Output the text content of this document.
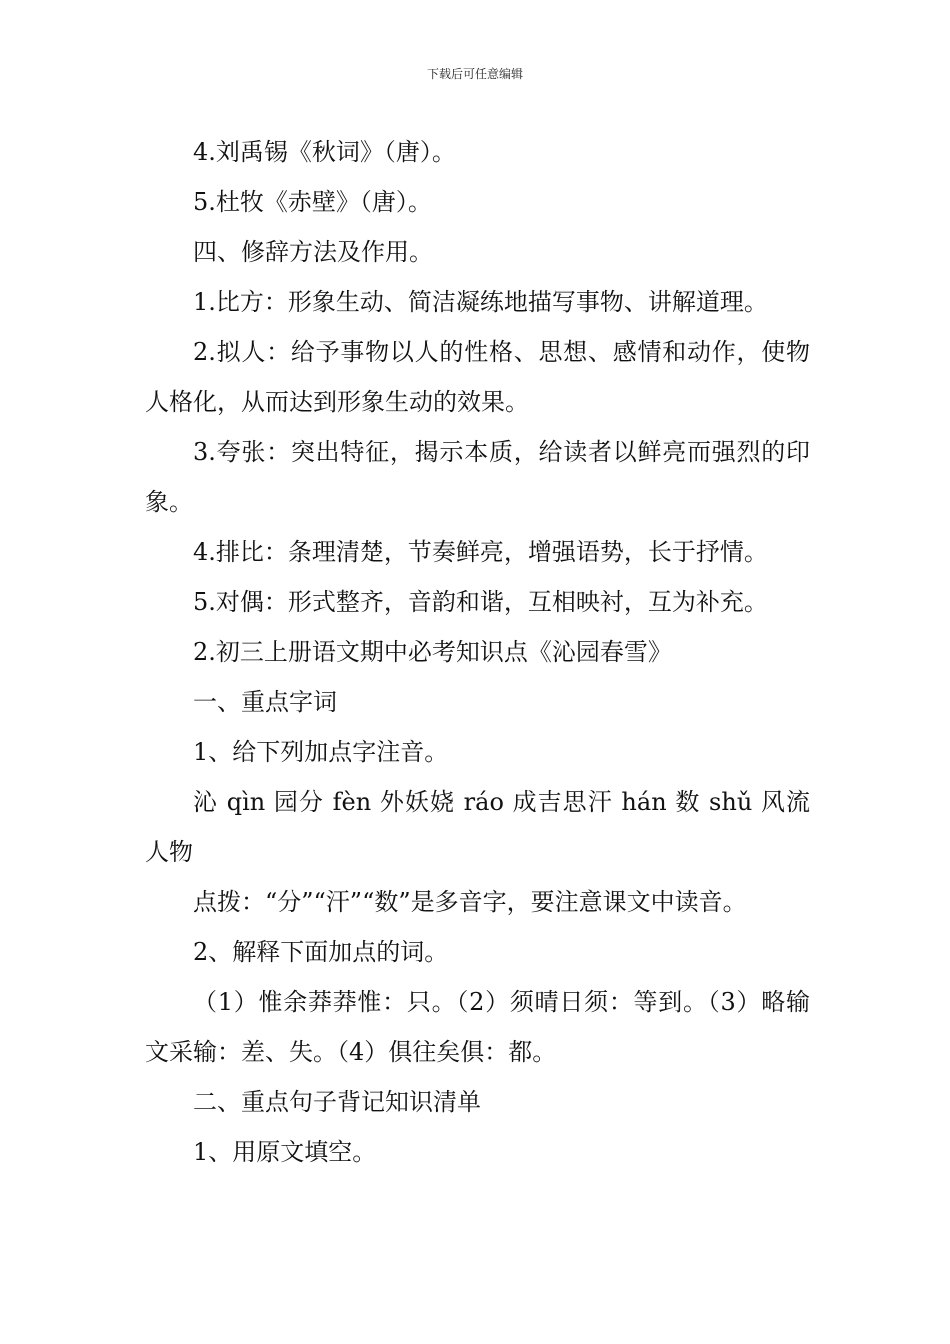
下载后可任意编辑

4.刘禹锡《秋词》（唐）。

5.杜牧《赤壁》（唐）。

四、修辞方法及作用。

1.比方：形象生动、简洁凝练地描写事物、讲解道理。

2.拟人：给予事物以人的性格、思想、感情和动作，使物人格化，从而达到形象生动的效果。

3.夸张：突出特征，揭示本质，给读者以鲜亮而强烈的印象。

4.排比：条理清楚，节奏鲜亮，增强语势，长于抒情。

5.对偶：形式整齐，音韵和谐，互相映衬，互为补充。

2.初三上册语文期中必考知识点《沁园春雪》

一、重点字词

1、给下列加点字注音。

沁 qìn 园分 fèn 外妖娆 ráo 成吉思汗 hán 数 shǔ 风流人物

点拨：“分”“汗”“数”是多音字，要注意课文中读音。

2、解释下面加点的词。

（1）惟余莽莽惟：只。（2）须晴日须：等到。（3）略输文采输：差、失。（4）俱往矣俱：都。

二、重点句子背记知识清单

1、用原文填空。
